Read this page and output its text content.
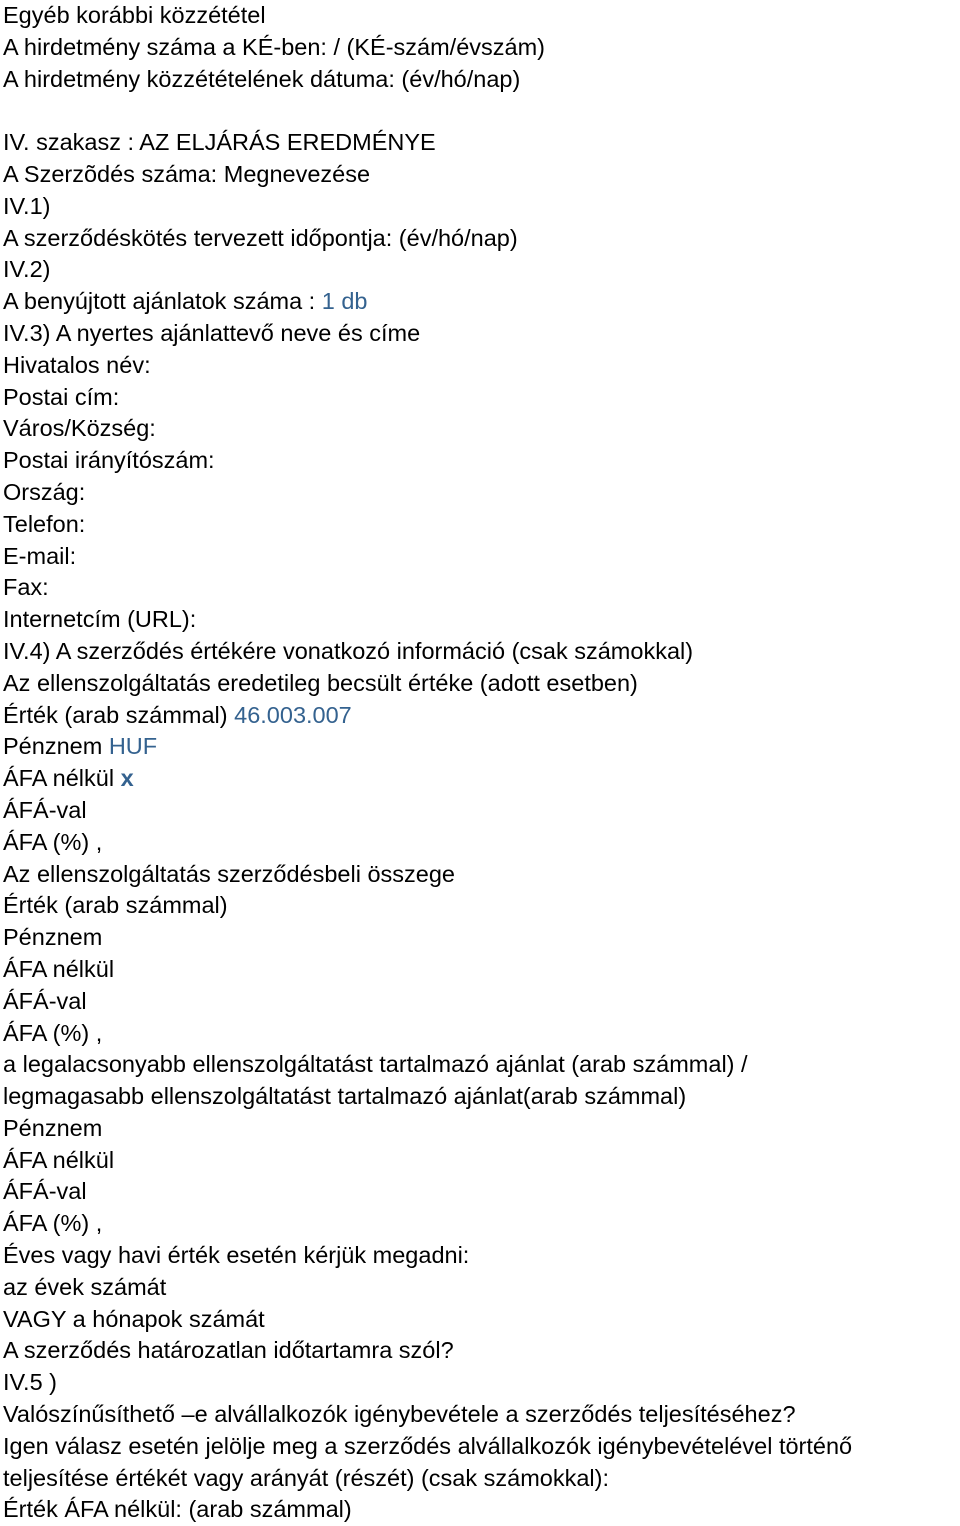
Egyéb korábbi közzététel
A hirdetmény száma a KÉ-ben: / (KÉ-szám/évszám)
A hirdetmény közzétételének dátuma: (év/hó/nap)
IV. szakasz : AZ ELJÁRÁS EREDMÉNYE
A Szerzõdés száma: Megnevezése
IV.1)
A szerződéskötés tervezett időpontja: (év/hó/nap)
IV.2)
A benyújtott ajánlatok száma : 1 db
IV.3) A nyertes ajánlattevő neve és címe
Hivatalos név:
Postai cím:
Város/Község:
Postai irányítószám:
Ország:
Telefon:
E-mail:
Fax:
Internetcím (URL):
IV.4) A szerződés értékére vonatkozó információ (csak számokkal)
Az ellenszolgáltatás eredetileg becsült értéke (adott esetben)
Érték (arab számmal) 46.003.007
Pénznem HUF
ÁFA nélkül x
ÁFÁ-val
ÁFA (%) ,
Az ellenszolgáltatás szerződésbeli összege
Érték (arab számmal)
Pénznem
ÁFA nélkül
ÁFÁ-val
ÁFA (%) ,
a legalacsonyabb ellenszolgáltatást tartalmazó ajánlat (arab számmal) /
legmagasabb ellenszolgáltatást tartalmazó ajánlat(arab számmal)
Pénznem
ÁFA nélkül
ÁFÁ-val
ÁFA (%) ,
Éves vagy havi érték esetén kérjük megadni:
az évek számát
VAGY a hónapok számát
A szerződés határozatlan időtartamra szól?
IV.5 )
Valószínűsíthető –e alvállalkozók igénybevétele a szerződés teljesítéséhez?
Igen válasz esetén jelölje meg a szerződés alvállalkozók igénybevételével történő
teljesítése értékét vagy arányát (részét) (csak számokkal):
Érték ÁFA nélkül: (arab számmal)
